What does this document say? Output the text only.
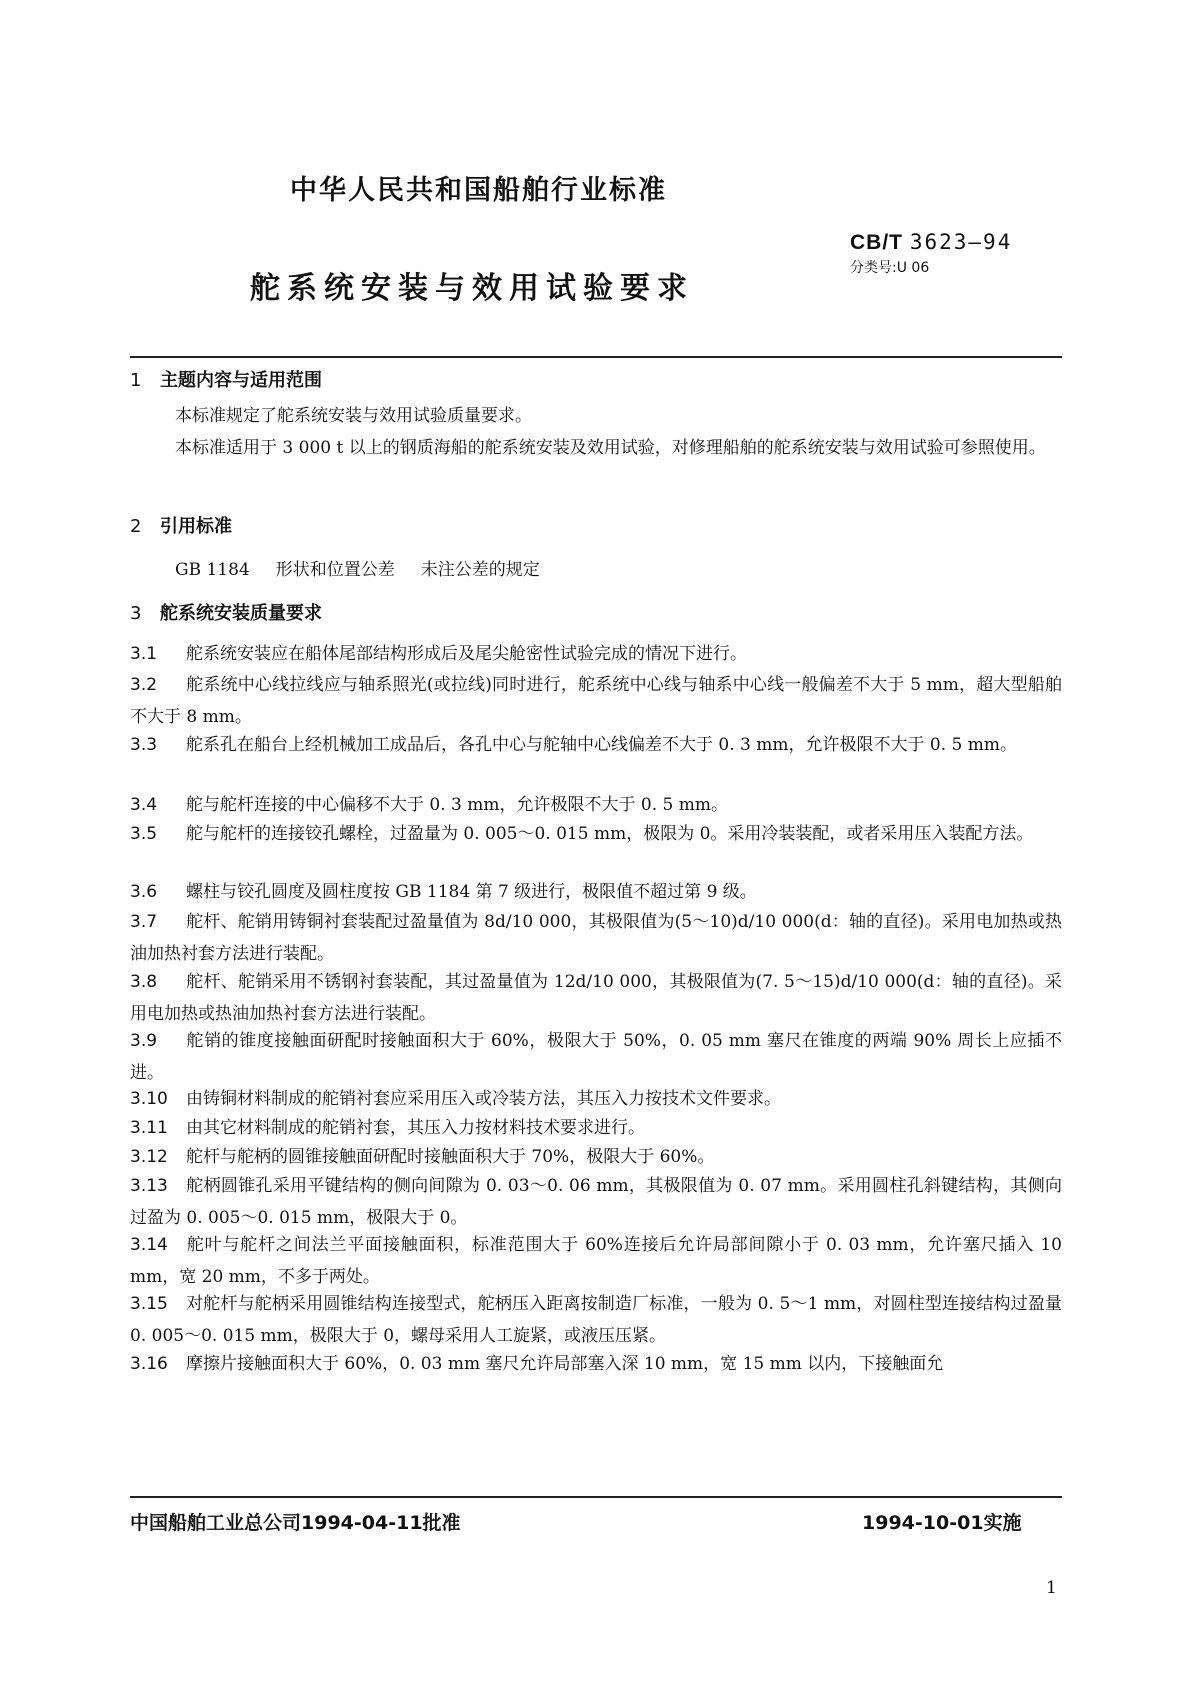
中华人民共和国船舶行业标准
CB/T 3623—94
分类号:U 06
舵系统安装与效用试验要求
1 主题内容与适用范围
本标准规定了舵系统安装与效用试验质量要求。
本标准适用于 3 000 t 以上的钢质海船的舵系统安装及效用试验，对修理船舶的舵系统安装与效用试验可参照使用。
2 引用标准
GB 1184 形状和位置公差 未注公差的规定
3 舵系统安装质量要求
3.1 舵系统安装应在船体尾部结构形成后及尾尖舱密性试验完成的情况下进行。
3.2 舵系统中心线拉线应与轴系照光(或拉线)同时进行，舵系统中心线与轴系中心线一般偏差不大于 5 mm，超大型船舶不大于 8 mm。
3.3 舵系孔在船台上经机械加工成品后，各孔中心与舵轴中心线偏差不大于 0. 3 mm，允许极限不大于 0. 5 mm。
3.4 舵与舵杆连接的中心偏移不大于 0. 3 mm，允许极限不大于 0. 5 mm。
3.5 舵与舵杆的连接铰孔螺栓，过盈量为 0. 005～0. 015 mm，极限为 0。采用冷装装配，或者采用压入装配方法。
3.6 螺柱与铰孔圆度及圆柱度按 GB 1184 第 7 级进行，极限值不超过第 9 级。
3.7 舵杆、舵销用铸铜衬套装配过盈量值为 8d/10 000，其极限值为(5～10)d/10 000(d：轴的直径)。采用电加热或热油加热衬套方法进行装配。
3.8 舵杆、舵销采用不锈钢衬套装配，其过盈量值为 12d/10 000，其极限值为(7. 5～15)d/10 000(d：轴的直径)。采用电加热或热油加热衬套方法进行装配。
3.9 舵销的锥度接触面研配时接触面积大于 60%，极限大于 50%，0. 05 mm 塞尺在锥度的两端 90% 周长上应插不进。
3.10 由铸铜材料制成的舵销衬套应采用压入或冷装方法，其压入力按技术文件要求。
3.11 由其它材料制成的舵销衬套，其压入力按材料技术要求进行。
3.12 舵杆与舵柄的圆锥接触面研配时接触面积大于 70%，极限大于 60%。
3.13 舵柄圆锥孔采用平键结构的侧向间隙为 0. 03～0. 06 mm，其极限值为 0. 07 mm。采用圆柱孔斜键结构，其侧向过盈为 0. 005～0. 015 mm，极限大于 0。
3.14 舵叶与舵杆之间法兰平面接触面积，标准范围大于 60%连接后允许局部间隙小于 0. 03 mm，允许塞尺插入 10 mm，宽 20 mm，不多于两处。
3.15 对舵杆与舵柄采用圆锥结构连接型式，舵柄压入距离按制造厂标准，一般为 0. 5～1 mm，对圆柱型连接结构过盈量 0. 005～0. 015 mm，极限大于 0，螺母采用人工旋紧，或液压压紧。
3.16 摩擦片接触面积大于 60%，0. 03 mm 塞尺允许局部塞入深 10 mm，宽 15 mm 以内，下接触面允
中国船舶工业总公司1994-04-11批准	1994-10-01实施
1
